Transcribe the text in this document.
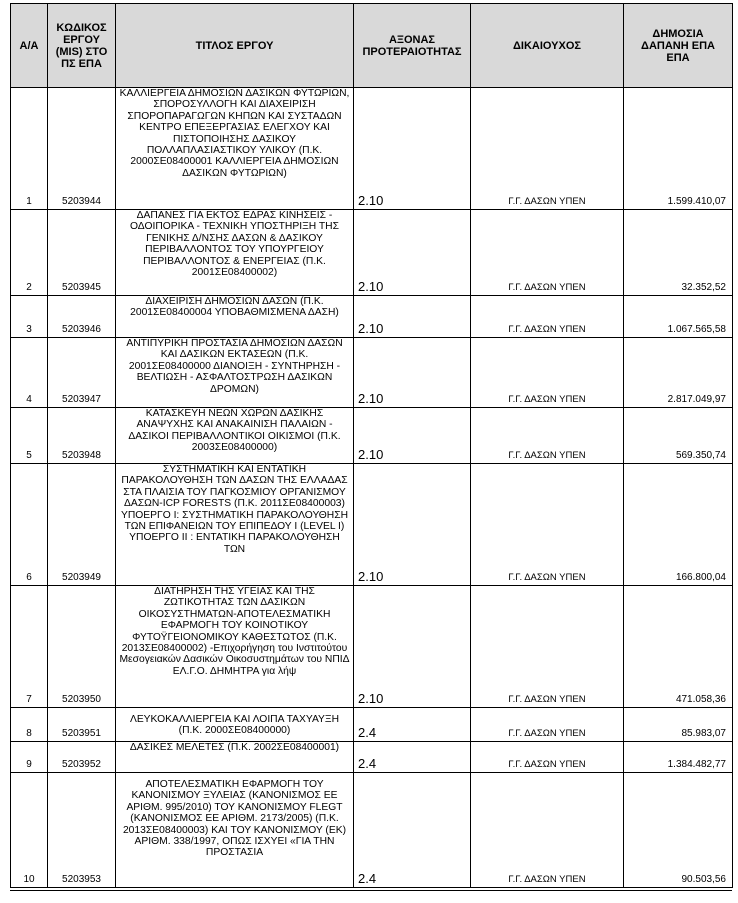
Α/Α	ΚΩΔΙΚΟΣ ΕΡΓΟΥ (MIS) ΣΤΟ ΠΣ ΕΠΑ	ΤΙΤΛΟΣ ΕΡΓΟΥ	ΑΞΟΝΑΣ ΠΡΟΤΕΡΑΙΟΤΗΤΑΣ	ΔΙΚΑΙΟΥΧΟΣ	ΔΗΜΟΣΙΑ ΔΑΠΑΝΗ ΕΠΑ ΕΠΑ
1	5203944	ΚΑΛΛΙΕΡΓΕΙΑ ΔΗΜΟΣΙΩΝ ΔΑΣΙΚΩΝ ΦΥΤΩΡΙΩΝ, ΣΠΟΡΟΣΥΛΛΟΓΗ ΚΑΙ ΔΙΑΧΕΙΡΙΣΗ ΣΠΟΡΟΠΑΡΑΓΩΓΩΝ ΚΗΠΩΝ ΚΑΙ ΣΥΣΤΑΔΩΝ ΚΕΝΤΡΟ ΕΠΕΞΕΡΓΑΣΙΑΣ ΕΛΕΓΧΟΥ ΚΑΙ ΠΙΣΤΟΠΟΙΗΣΗΣ ΔΑΣΙΚΟΥ ΠΟΛΛΑΠΛΑΣΙΑΣΤΙΚΟΥ ΥΛΙΚΟΥ (Π.Κ. 2000ΣΕ08400001 ΚΑΛΛΙΕΡΓΕΙΑ ΔΗΜΟΣΙΩΝ ΔΑΣΙΚΩΝ ΦΥΤΩΡΙΩΝ)	2.10	Γ.Γ. ΔΑΣΩΝ ΥΠΕΝ	1.599.410,07
2	5203945	ΔΑΠΑΝΕΣ ΓΙΑ ΕΚΤΟΣ ΕΔΡΑΣ ΚΙΝΗΣΕΙΣ - ΟΔΟΙΠΟΡΙΚΑ - ΤΕΧΝΙΚΗ ΥΠΟΣΤΗΡΙΞΗ ΤΗΣ ΓΕΝΙΚΗΣ Δ/ΝΣΗΣ ΔΑΣΩΝ & ΔΑΣΙΚΟΥ ΠΕΡΙΒΑΛΛΟΝΤΟΣ ΤΟΥ ΥΠΟΥΡΓΕΙΟΥ ΠΕΡΙΒΑΛΛΟΝΤΟΣ & ΕΝΕΡΓΕΙΑΣ (Π.Κ. 2001ΣΕ08400002)	2.10	Γ.Γ. ΔΑΣΩΝ ΥΠΕΝ	32.352,52
3	5203946	ΔΙΑΧΕΙΡΙΣΗ ΔΗΜΟΣΙΩΝ ΔΑΣΩΝ (Π.Κ. 2001ΣΕ08400004 ΥΠΟΒΑΘΜΙΣΜΕΝΑ ΔΑΣΗ)	2.10	Γ.Γ. ΔΑΣΩΝ ΥΠΕΝ	1.067.565,58
4	5203947	ΑΝΤΙΠΥΡΙΚΗ ΠΡΟΣΤΑΣΙΑ ΔΗΜΟΣΙΩΝ ΔΑΣΩΝ ΚΑΙ ΔΑΣΙΚΩΝ ΕΚΤΑΣΕΩΝ (Π.Κ. 2001ΣΕ08400000 ΔΙΑΝΟΙΞΗ - ΣΥΝΤΗΡΗΣΗ - ΒΕΛΤΙΩΣΗ - ΑΣΦΑΛΤΟΣΤΡΩΣΗ ΔΑΣΙΚΩΝ ΔΡΟΜΩΝ)	2.10	Γ.Γ. ΔΑΣΩΝ ΥΠΕΝ	2.817.049,97
5	5203948	ΚΑΤΑΣΚΕΥΗ ΝΕΩΝ ΧΩΡΩΝ ΔΑΣΙΚΗΣ ΑΝΑΨΥΧΗΣ ΚΑΙ ΑΝΑΚΑΙΝΙΣΗ ΠΑΛΑΙΩΝ - ΔΑΣΙΚΟΙ ΠΕΡΙΒΑΛΛΟΝΤΙΚΟΙ ΟΙΚΙΣΜΟΙ (Π.Κ. 2003ΣΕ08400000)	2.10	Γ.Γ. ΔΑΣΩΝ ΥΠΕΝ	569.350,74
6	5203949	ΣΥΣΤΗΜΑΤΙΚΗ ΚΑΙ ΕΝΤΑΤΙΚΗ ΠΑΡΑΚΟΛΟΥΘΗΣΗ ΤΩΝ ΔΑΣΩΝ ΤΗΣ ΕΛΛΑΔΑΣ ΣΤΑ ΠΛΑΙΣΙΑ ΤΟΥ ΠΑΓΚΟΣΜΙΟΥ ΟΡΓΑΝΙΣΜΟΥ ΔΑΣΩΝ-ICP FORESTS (Π.Κ. 2011ΣΕ08400003) ΥΠΟΕΡΓΟ Ι: ΣΥΣΤΗΜΑΤΙΚΗ ΠΑΡΑΚΟΛΟΥΘΗΣΗ ΤΩΝ ΕΠΙΦΑΝΕΙΩΝ ΤΟΥ ΕΠΙΠΕΔΟΥ Ι (LEVEL I) ΥΠΟΕΡΓΟ ΙΙ : ΕΝΤΑΤΙΚΗ ΠΑΡΑΚΟΛΟΥΘΗΣΗ ΤΩΝ	2.10	Γ.Γ. ΔΑΣΩΝ ΥΠΕΝ	166.800,04
7	5203950	ΔΙΑΤΗΡΗΣΗ ΤΗΣ ΥΓΕΙΑΣ ΚΑΙ ΤΗΣ ΖΩΤΙΚΟΤΗΤΑΣ ΤΩΝ ΔΑΣΙΚΩΝ ΟΙΚΟΣΥΣΤΗΜΑΤΩΝ-ΑΠΟΤΕΛΕΣΜΑΤΙΚΗ ΕΦΑΡΜΟΓΗ ΤΟΥ ΚΟΙΝΟΤΙΚΟΥ ΦΥΤΟΫΓΕΙΟΝΟΜΙΚΟΥ ΚΑΘΕΣΤΩΤΟΣ (Π.Κ. 2013ΣΕ08400002) -Επιχορήγηση του Ινστιτούτου Μεσογειακών Δασικών Οικοσυστημάτων του ΝΠΙΔ ΕΛ.Γ.Ο. ΔΗΜΗΤΡΑ για λήψ	2.10	Γ.Γ. ΔΑΣΩΝ ΥΠΕΝ	471.058,36
8	5203951	ΛΕΥΚΟΚΑΛΛΙΕΡΓΕΙΑ ΚΑΙ ΛΟΙΠΑ ΤΑΧΥΑΥΞΗ (Π.Κ. 2000ΣΕ08400000)	2.4	Γ.Γ. ΔΑΣΩΝ ΥΠΕΝ	85.983,07
9	5203952	ΔΑΣΙΚΕΣ ΜΕΛΕΤΕΣ (Π.Κ. 2002ΣΕ08400001)	2.4	Γ.Γ. ΔΑΣΩΝ ΥΠΕΝ	1.384.482,77
10	5203953	ΑΠΟΤΕΛΕΣΜΑΤΙΚΗ ΕΦΑΡΜΟΓΗ ΤΟΥ ΚΑΝΟΝΙΣΜΟΥ ΞΥΛΕΙΑΣ (ΚΑΝΟΝΙΣΜΟΣ ΕΕ ΑΡΙΘΜ. 995/2010) ΤΟΥ ΚΑΝΟΝΙΣΜΟΥ FLEGT (ΚΑΝΟΝΙΣΜΟΣ ΕΕ ΑΡΙΘΜ. 2173/2005) (Π.Κ. 2013ΣΕ08400003) ΚΑΙ ΤΟΥ ΚΑΝΟΝΙΣΜΟΥ (ΕΚ) ΑΡΙΘΜ. 338/1997, ΟΠΩΣ ΙΣΧΥΕΙ «ΓΙΑ ΤΗΝ ΠΡΟΣΤΑΣΙΑ	2.4	Γ.Γ. ΔΑΣΩΝ ΥΠΕΝ	90.503,56
